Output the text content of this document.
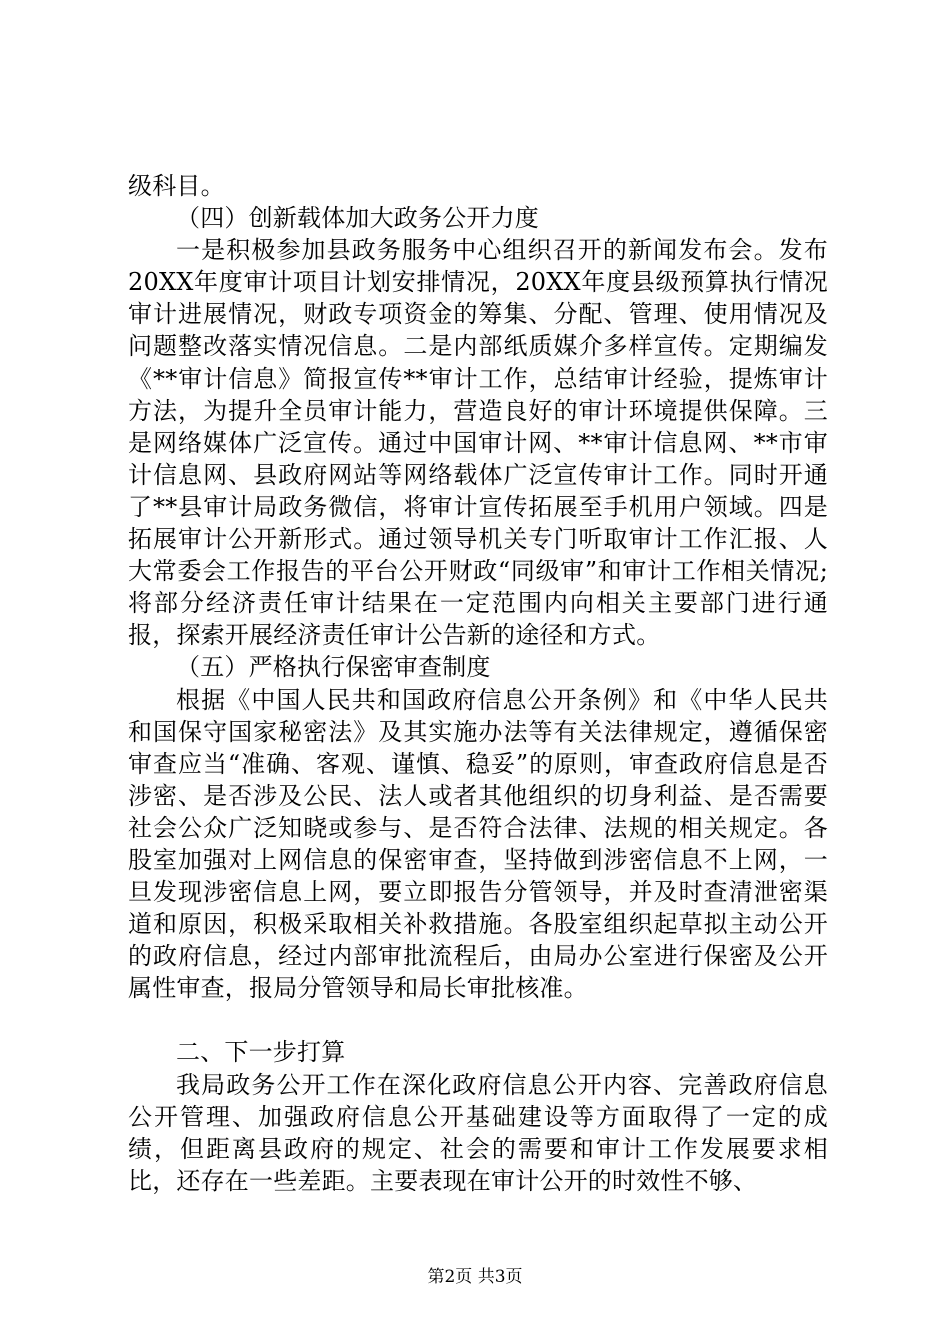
级科目。

（四）创新载体加大政务公开力度

一是积极参加县政务服务中心组织召开的新闻发布会。发布20XX年度审计项目计划安排情况，20XX年度县级预算执行情况审计进展情况，财政专项资金的筹集、分配、管理、使用情况及问题整改落实情况信息。二是内部纸质媒介多样宣传。定期编发《**审计信息》简报宣传**审计工作，总结审计经验，提炼审计方法，为提升全员审计能力，营造良好的审计环境提供保障。三是网络媒体广泛宣传。通过中国审计网、**审计信息网、**市审计信息网、县政府网站等网络载体广泛宣传审计工作。同时开通了**县审计局政务微信，将审计宣传拓展至手机用户领域。四是拓展审计公开新形式。通过领导机关专门听取审计工作汇报、人大常委会工作报告的平台公开财政“同级审”和审计工作相关情况;将部分经济责任审计结果在一定范围内向相关主要部门进行通报，探索开展经济责任审计公告新的途径和方式。

（五）严格执行保密审查制度

根据《中国人民共和国政府信息公开条例》和《中华人民共和国保守国家秘密法》及其实施办法等有关法律规定，遵循保密审查应当“准确、客观、谨慎、稳妥”的原则，审查政府信息是否涉密、是否涉及公民、法人或者其他组织的切身利益、是否需要社会公众广泛知晓或参与、是否符合法律、法规的相关规定。各股室加强对上网信息的保密审查，坚持做到涉密信息不上网，一旦发现涉密信息上网，要立即报告分管领导，并及时查清泄密渠道和原因，积极采取相关补救措施。各股室组织起草拟主动公开的政府信息，经过内部审批流程后，由局办公室进行保密及公开属性审查，报局分管领导和局长审批核准。

二、下一步打算

我局政务公开工作在深化政府信息公开内容、完善政府信息公开管理、加强政府信息公开基础建设等方面取得了一定的成绩，但距离县政府的规定、社会的需要和审计工作发展要求相比，还存在一些差距。主要表现在审计公开的时效性不够、

第2页 共3页
